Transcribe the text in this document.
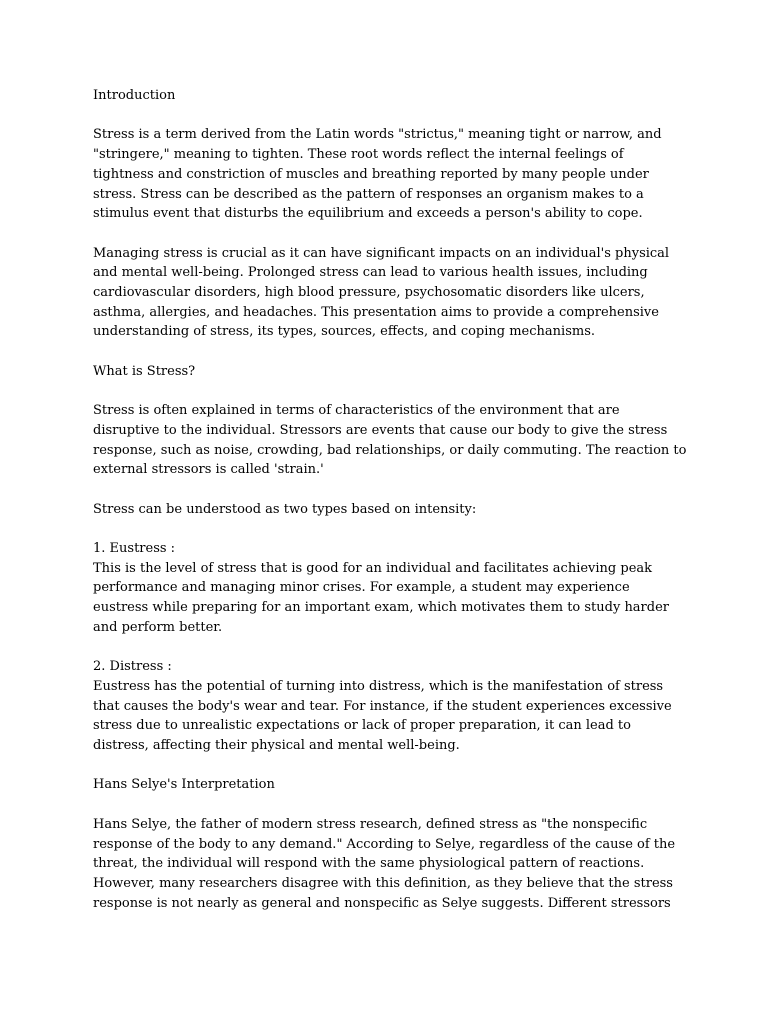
Introduction

Stress is a term derived from the Latin words "strictus," meaning tight or narrow, and "stringere," meaning to tighten. These root words reflect the internal feelings of tightness and constriction of muscles and breathing reported by many people under stress. Stress can be described as the pattern of responses an organism makes to a stimulus event that disturbs the equilibrium and exceeds a person's ability to cope.

Managing stress is crucial as it can have significant impacts on an individual's physical and mental well-being. Prolonged stress can lead to various health issues, including cardiovascular disorders, high blood pressure, psychosomatic disorders like ulcers, asthma, allergies, and headaches. This presentation aims to provide a comprehensive understanding of stress, its types, sources, effects, and coping mechanisms.

What is Stress?

Stress is often explained in terms of characteristics of the environment that are disruptive to the individual. Stressors are events that cause our body to give the stress response, such as noise, crowding, bad relationships, or daily commuting. The reaction to external stressors is called 'strain.'

Stress can be understood as two types based on intensity:

1. Eustress :

This is the level of stress that is good for an individual and facilitates achieving peak performance and managing minor crises. For example, a student may experience eustress while preparing for an important exam, which motivates them to study harder and perform better.

2. Distress :

Eustress has the potential of turning into distress, which is the manifestation of stress that causes the body's wear and tear. For instance, if the student experiences excessive stress due to unrealistic expectations or lack of proper preparation, it can lead to distress, affecting their physical and mental well-being.

Hans Selye's Interpretation

Hans Selye, the father of modern stress research, defined stress as "the nonspecific response of the body to any demand." According to Selye, regardless of the cause of the threat, the individual will respond with the same physiological pattern of reactions. However, many researchers disagree with this definition, as they believe that the stress response is not nearly as general and nonspecific as Selye suggests. Different stressors
